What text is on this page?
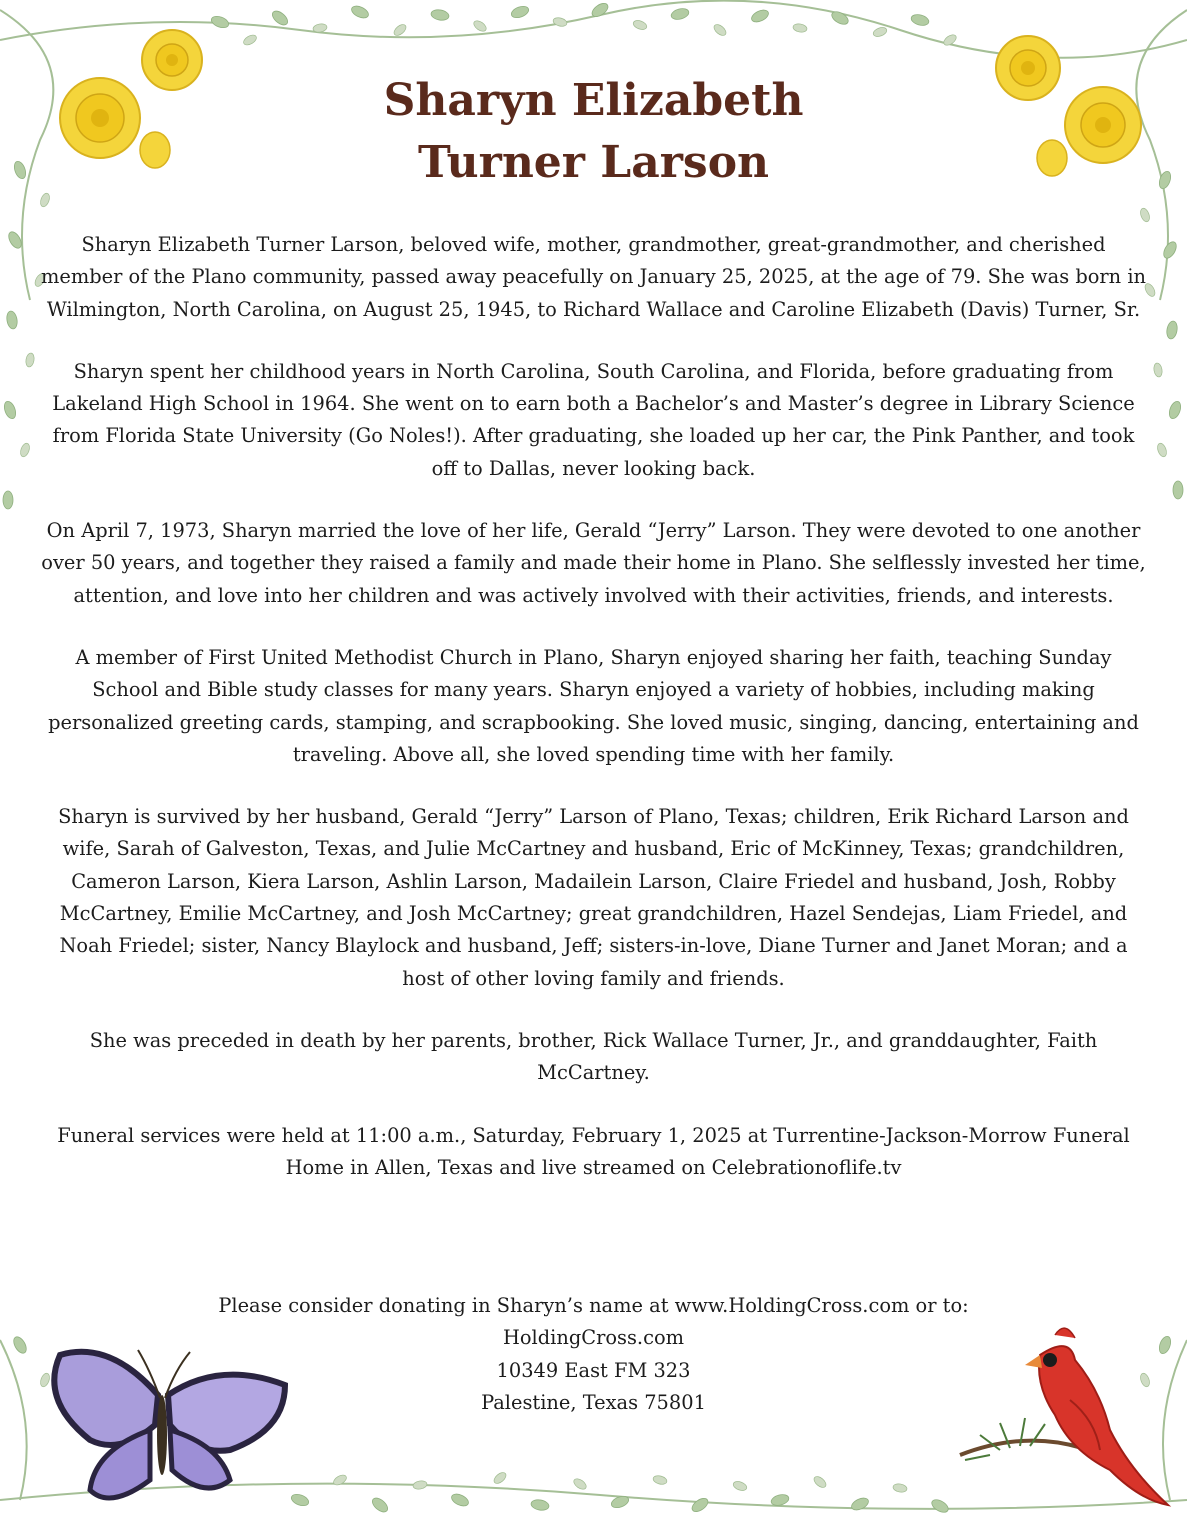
Sharyn Elizabeth
Turner Larson

Sharyn Elizabeth Turner Larson, beloved wife, mother, grandmother, great-grandmother, and cherished member of the Plano community, passed away peacefully on January 25, 2025, at the age of 79. She was born in Wilmington, North Carolina, on August 25, 1945, to Richard Wallace and Caroline Elizabeth (Davis) Turner, Sr.

Sharyn spent her childhood years in North Carolina, South Carolina, and Florida, before graduating from Lakeland High School in 1964. She went on to earn both a Bachelor’s and Master’s degree in Library Science from Florida State University (Go Noles!). After graduating, she loaded up her car, the Pink Panther, and took off to Dallas, never looking back.

On April 7, 1973, Sharyn married the love of her life, Gerald “Jerry” Larson. They were devoted to one another over 50 years, and together they raised a family and made their home in Plano. She selflessly invested her time, attention, and love into her children and was actively involved with their activities, friends, and interests.

A member of First United Methodist Church in Plano, Sharyn enjoyed sharing her faith, teaching Sunday School and Bible study classes for many years. Sharyn enjoyed a variety of hobbies, including making personalized greeting cards, stamping, and scrapbooking. She loved music, singing, dancing, entertaining and traveling. Above all, she loved spending time with her family.

Sharyn is survived by her husband, Gerald “Jerry” Larson of Plano, Texas; children, Erik Richard Larson and wife, Sarah of Galveston, Texas, and Julie McCartney and husband, Eric of McKinney, Texas; grandchildren, Cameron Larson, Kiera Larson, Ashlin Larson, Madailein Larson, Claire Friedel and husband, Josh, Robby McCartney, Emilie McCartney, and Josh McCartney; great grandchildren, Hazel Sendejas, Liam Friedel, and Noah Friedel; sister, Nancy Blaylock and husband, Jeff; sisters-in-love, Diane Turner and Janet Moran; and a host of other loving family and friends.

She was preceded in death by her parents, brother, Rick Wallace Turner, Jr., and granddaughter, Faith McCartney.

Funeral services were held at 11:00 a.m., Saturday, February 1, 2025 at Turrentine-Jackson-Morrow Funeral Home in Allen, Texas and live streamed on Celebrationoflife.tv

Please consider donating in Sharyn’s name at www.HoldingCross.com or to:
HoldingCross.com
10349 East FM 323
Palestine, Texas 75801
